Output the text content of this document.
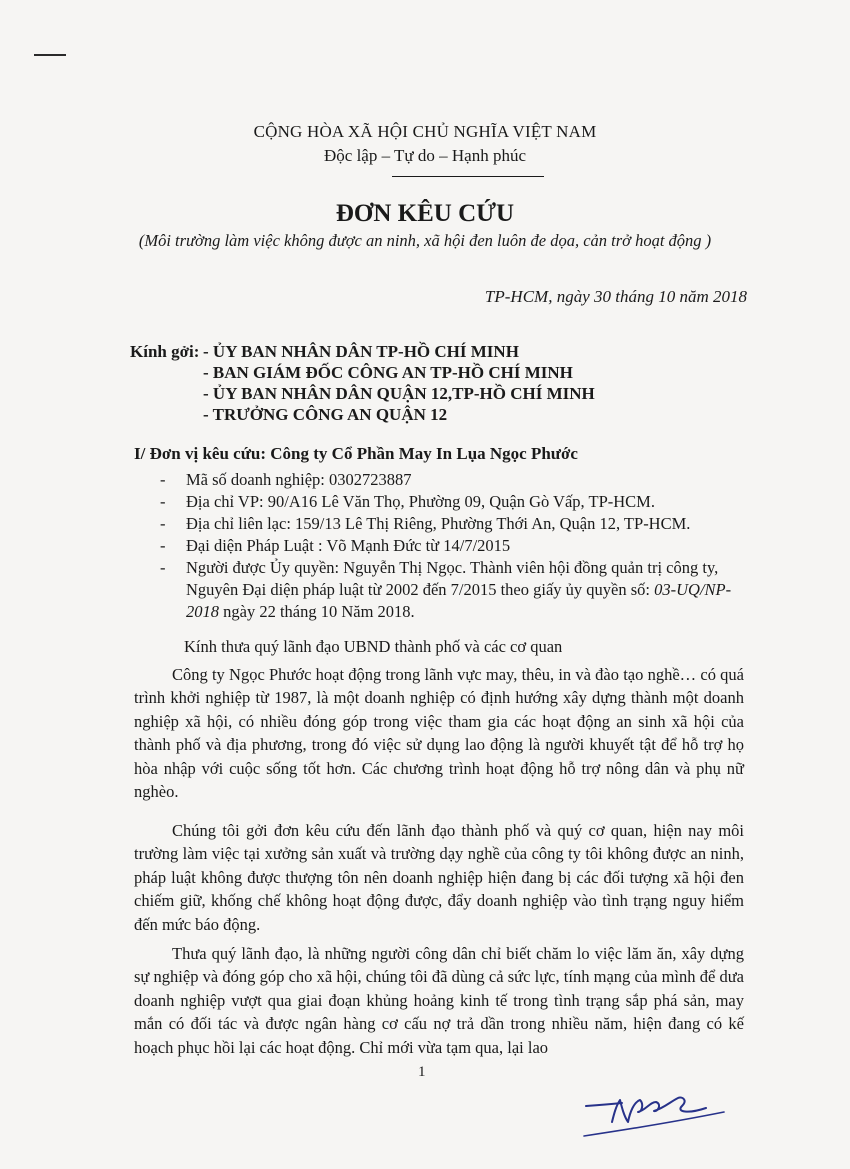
CỘNG HÒA XÃ HỘI CHỦ NGHĨA VIỆT NAM
Độc lập – Tự do – Hạnh phúc
ĐƠN KÊU CỨU
(Môi trường làm việc không được an ninh, xã hội đen luôn đe dọa, cản trở hoạt động )
TP-HCM, ngày 30 tháng 10 năm 2018
Kính gởi: - ỦY BAN NHÂN DÂN TP-HỒ CHÍ MINH
- BAN GIÁM ĐỐC CÔNG AN TP-HỒ CHÍ MINH
- ỦY BAN NHÂN DÂN QUẬN 12,TP-HỒ CHÍ MINH
- TRƯỞNG CÔNG AN QUẬN 12
I/ Đơn vị kêu cứu: Công ty Cổ Phần May In Lụa Ngọc Phước
- Mã số doanh nghiệp: 0302723887
- Địa chỉ VP: 90/A16 Lê Văn Thọ, Phường 09, Quận Gò Vấp, TP-HCM.
- Địa chỉ liên lạc: 159/13 Lê Thị Riêng, Phường Thới An, Quận 12, TP-HCM.
- Đại diện Pháp Luật : Võ Mạnh Đức từ 14/7/2015
- Người được Ủy quyền: Nguyễn Thị Ngọc. Thành viên hội đồng quản trị công ty, Nguyên Đại diện pháp luật từ 2002 đến 7/2015 theo giấy ủy quyền số: 03-UQ/NP-2018 ngày 22 tháng 10 Năm 2018.
Kính thưa quý lãnh đạo UBND thành phố và các cơ quan
Công ty Ngọc Phước hoạt động trong lãnh vực may, thêu, in và đào tạo nghề… có quá trình khởi nghiệp từ 1987, là một doanh nghiệp có định hướng xây dựng thành một doanh nghiệp xã hội, có nhiều đóng góp trong việc tham gia các hoạt động an sinh xã hội của thành phố và địa phương, trong đó việc sử dụng lao động là người khuyết tật để hỗ trợ họ hòa nhập với cuộc sống tốt hơn. Các chương trình hoạt động hỗ trợ nông dân và phụ nữ nghèo.
Chúng tôi gởi đơn kêu cứu đến lãnh đạo thành phố và quý cơ quan, hiện nay môi trường làm việc tại xưởng sản xuất và trường dạy nghề của công ty tôi không được an ninh, pháp luật không được thượng tôn nên doanh nghiệp hiện đang bị các đối tượng xã hội đen chiếm giữ, khống chế không hoạt động được, đẩy doanh nghiệp vào tình trạng nguy hiểm đến mức báo động.
Thưa quý lãnh đạo, là những người công dân chỉ biết chăm lo việc lăm ăn, xây dựng sự nghiệp và đóng góp cho xã hội, chúng tôi đã dùng cả sức lực, tính mạng của mình để dưa doanh nghiệp vượt qua giai đoạn khủng hoảng kinh tế trong tình trạng sắp phá sản, may mắn có đối tác và được ngân hàng cơ cấu nợ trả dần trong nhiều năm, hiện đang có kế hoạch phục hồi lại các hoạt động. Chỉ mới vừa tạm qua, lại lao
1
